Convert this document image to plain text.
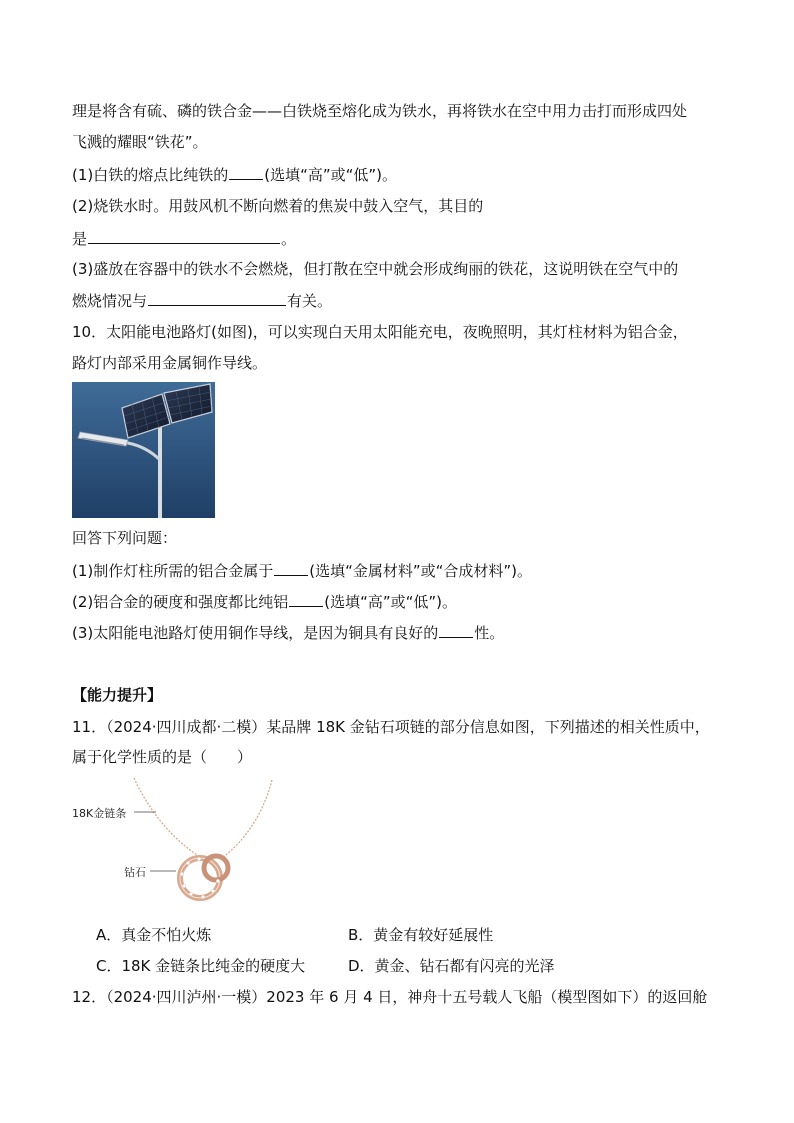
理是将含有硫、磷的铁合金——白铁烧至熔化成为铁水，再将铁水在空中用力击打而形成四处
飞溅的耀眼“铁花”。
(1)白铁的熔点比纯铁的 (选填“高”或“低”)。
(2)烧铁水时。用鼓风机不断向燃着的焦炭中鼓入空气，其目的
是	。
(3)盛放在容器中的铁水不会燃烧，但打散在空中就会形成绚丽的铁花，这说明铁在空气中的
燃烧情况与	有关。
10．太阳能电池路灯(如图)，可以实现白天用太阳能充电，夜晚照明，其灯柱材料为铝合金，
路灯内部采用金属铜作导线。
回答下列问题：
(1)制作灯柱所需的铝合金属于 (选填“金属材料”或“合成材料”)。
(2)铝合金的硬度和强度都比纯铝 (选填“高”或“低”)。
(3)太阳能电池路灯使用铜作导线，是因为铜具有良好的 性。
【能力提升】
11．（2024·四川成都·二模）某品牌 18K 金钻石项链的部分信息如图，下列描述的相关性质中，
属于化学性质的是（　　）
18K金链条
钻石
A．真金不怕火炼	B．黄金有较好延展性
C．18K 金链条比纯金的硬度大	D．黄金、钻石都有闪亮的光泽
12．（2024·四川泸州·一模）2023 年 6 月 4 日，神舟十五号载人飞船（模型图如下）的返回舱
